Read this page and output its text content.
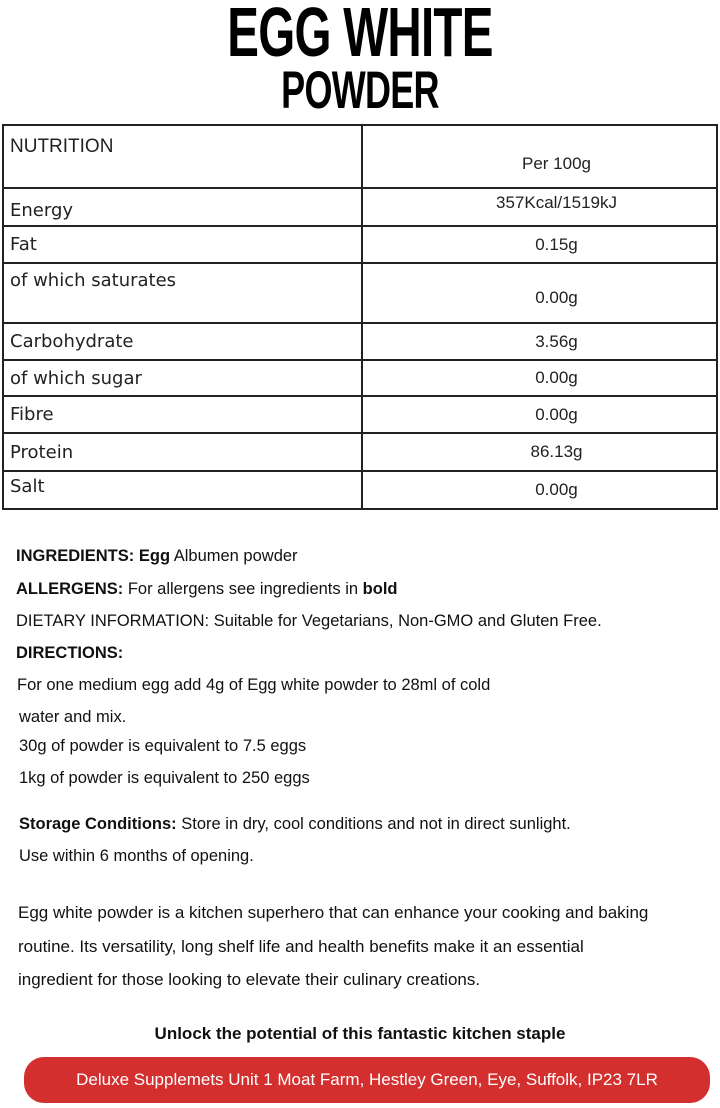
EGG WHITE
POWDER
NUTRITION	Per 100g
Energy	357Kcal/1519kJ
Fat	0.15g
of which saturates	0.00g
Carbohydrate	3.56g
of which sugar	0.00g
Fibre	0.00g
Protein	86.13g
Salt	0.00g
INGREDIENTS: Egg Albumen powder
ALLERGENS: For allergens see ingredients in bold
DIETARY INFORMATION: Suitable for Vegetarians, Non-GMO and Gluten Free.
DIRECTIONS:
For one medium egg add 4g of Egg white powder to 28ml of cold
water and mix.
30g of powder is equivalent to 7.5 eggs
1kg of powder is equivalent to 250 eggs
Storage Conditions: Store in dry, cool conditions and not in direct sunlight.
Use within 6 months of opening.
Egg white powder is a kitchen superhero that can enhance your cooking and baking
routine. Its versatility, long shelf life and health benefits make it an essential
ingredient for those looking to elevate their culinary creations.
Unlock the potential of this fantastic kitchen staple
Deluxe Supplemets Unit 1 Moat Farm, Hestley Green, Eye, Suffolk, IP23 7LR
